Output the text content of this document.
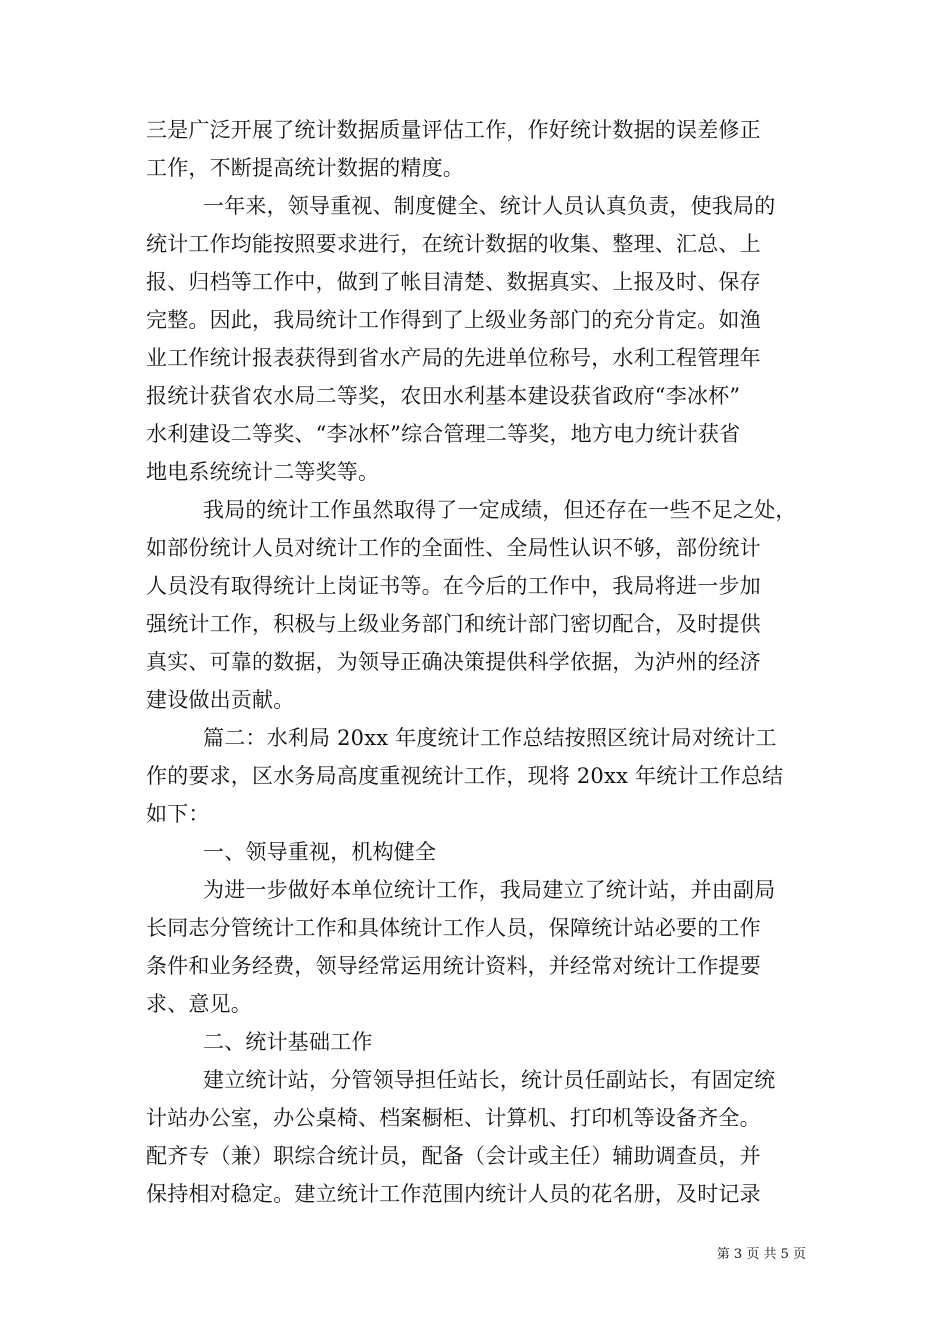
三是广泛开展了统计数据质量评估工作，作好统计数据的误差修正
工作，不断提高统计数据的精度。
一年来，领导重视、制度健全、统计人员认真负责，使我局的
统计工作均能按照要求进行，在统计数据的收集、整理、汇总、上
报、归档等工作中，做到了帐目清楚、数据真实、上报及时、保存
完整。因此，我局统计工作得到了上级业务部门的充分肯定。如渔
业工作统计报表获得到省水产局的先进单位称号，水利工程管理年
报统计获省农水局二等奖，农田水利基本建设获省政府“李冰杯”
水利建设二等奖、“李冰杯”综合管理二等奖，地方电力统计获省
地电系统统计二等奖等。
我局的统计工作虽然取得了一定成绩，但还存在一些不足之处，
如部份统计人员对统计工作的全面性、全局性认识不够，部份统计
人员没有取得统计上岗证书等。在今后的工作中，我局将进一步加
强统计工作，积极与上级业务部门和统计部门密切配合，及时提供
真实、可靠的数据，为领导正确决策提供科学依据，为泸州的经济
建设做出贡献。
篇二：水利局 20xx 年度统计工作总结按照区统计局对统计工
作的要求，区水务局高度重视统计工作，现将 20xx 年统计工作总结
如下：
一、领导重视，机构健全
为进一步做好本单位统计工作，我局建立了统计站，并由副局
长同志分管统计工作和具体统计工作人员，保障统计站必要的工作
条件和业务经费，领导经常运用统计资料，并经常对统计工作提要
求、意见。
二、统计基础工作
建立统计站，分管领导担任站长，统计员任副站长，有固定统
计站办公室，办公桌椅、档案橱柜、计算机、打印机等设备齐全。
配齐专（兼）职综合统计员，配备（会计或主任）辅助调查员，并
保持相对稳定。建立统计工作范围内统计人员的花名册，及时记录
第 3 页 共 5 页
